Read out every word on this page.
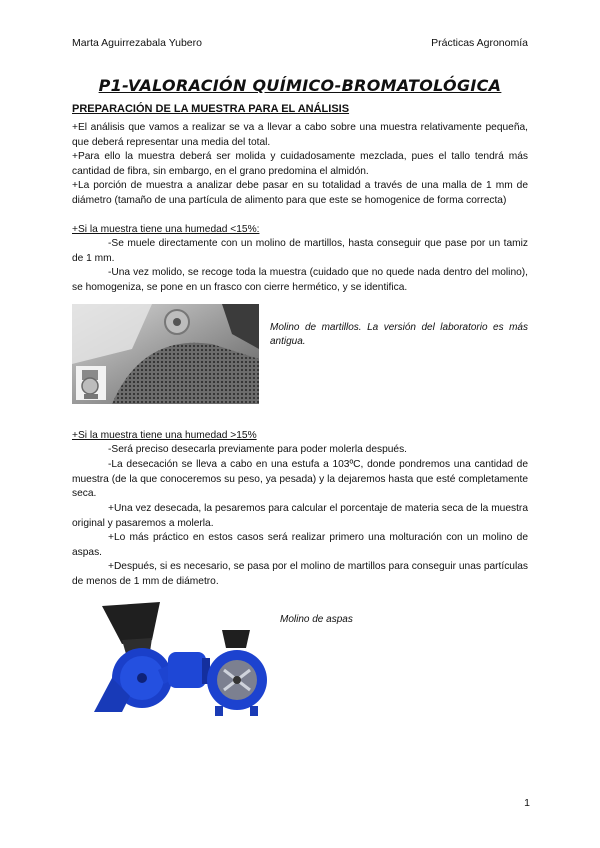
Marta Aguirrezabala Yubero	Prácticas Agronomía
P1-VALORACIÓN QUÍMICO-BROMATOLÓGICA
PREPARACIÓN DE LA MUESTRA PARA EL ANÁLISIS

+El análisis que vamos a realizar se va a llevar a cabo sobre una muestra relativamente pequeña, que deberá representar una media del total.

+Para ello la muestra deberá ser molida y cuidadosamente mezclada, pues el tallo tendrá más cantidad de fibra, sin embargo, en el grano predomina el almidón.

+La porción de muestra a analizar debe pasar en su totalidad a través de una malla de 1 mm de diámetro (tamaño de una partícula de alimento para que este se homogenice de forma correcta)

+Si la muestra tiene una humedad <15%:

-Se muele directamente con un molino de martillos, hasta conseguir que pase por un tamiz de 1 mm.

-Una vez molido, se recoge toda la muestra (cuidado que no quede nada dentro del molino), se homogeniza, se pone en un frasco con cierre hermético, y se identifica.

Molino de martillos. La versión del laboratorio es más antigua.

+Si la muestra tiene una humedad >15%

-Será preciso desecarla previamente para poder molerla después.

-La desecación se lleva a cabo en una estufa a 103ºC, donde pondremos una cantidad de muestra (de la que conoceremos su peso, ya pesada) y la dejaremos hasta que esté completamente seca.

+Una vez desecada, la pesaremos para calcular el porcentaje de materia seca de la muestra original y pasaremos a molerla.

+Lo más práctico en estos casos será realizar primero una molturación con un molino de aspas.

+Después, si es necesario, se pasa por el molino de martillos para conseguir unas partículas de menos de 1 mm de diámetro.

Molino de aspas

1
